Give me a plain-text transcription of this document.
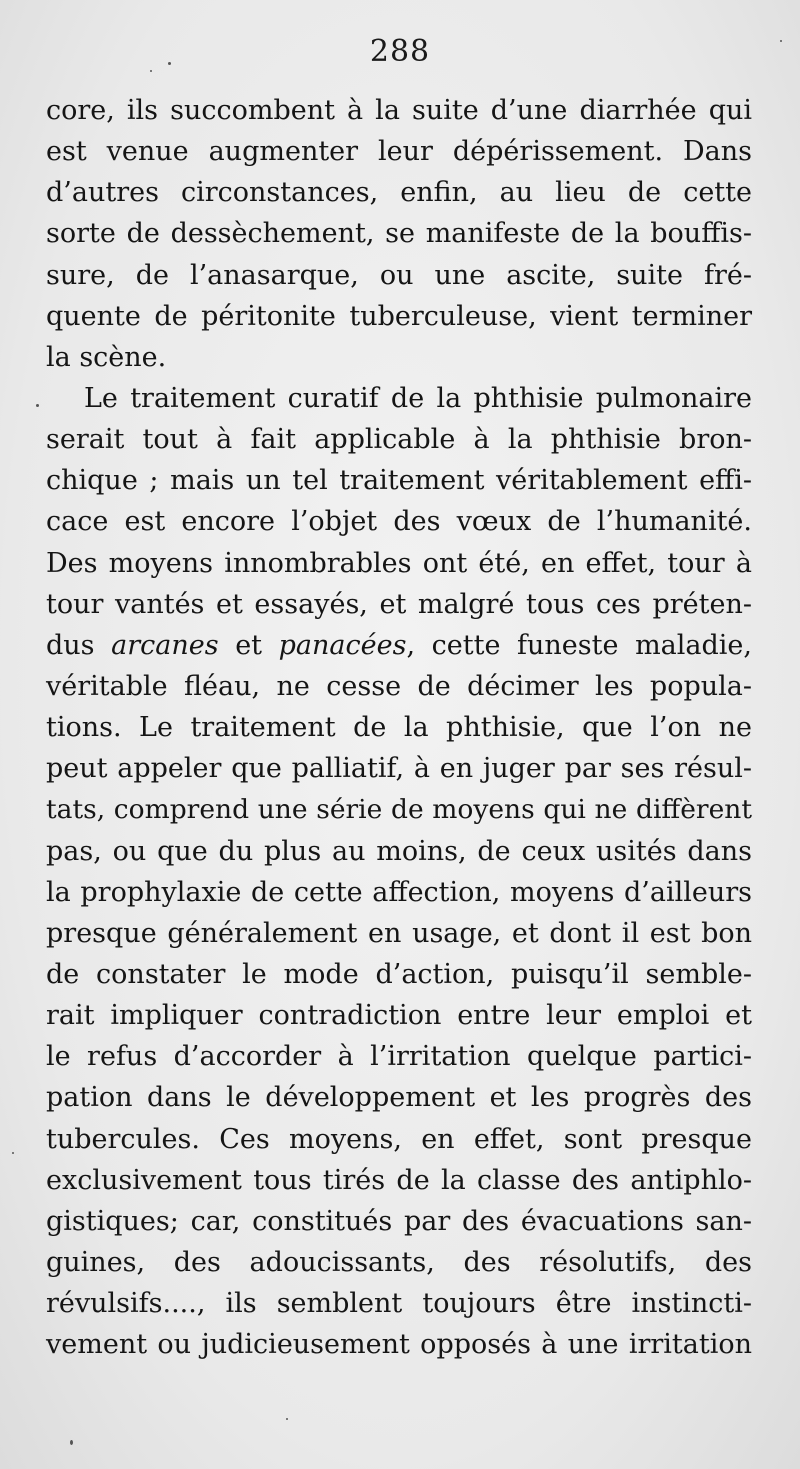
288
core, ils succombent à la suite d’une diarrhée qui
est venue augmenter leur dépérissement. Dans
d’autres circonstances, enfin, au lieu de cette
sorte de dessèchement, se manifeste de la bouffis-
sure, de l’anasarque, ou une ascite, suite fré-
quente de péritonite tuberculeuse, vient terminer
la scène.
Le traitement curatif de la phthisie pulmonaire
serait tout à fait applicable à la phthisie bron-
chique ; mais un tel traitement véritablement effi-
cace est encore l’objet des vœux de l’humanité.
Des moyens innombrables ont été, en effet, tour à
tour vantés et essayés, et malgré tous ces préten-
dus arcanes et panacées, cette funeste maladie,
véritable fléau, ne cesse de décimer les popula-
tions. Le traitement de la phthisie, que l’on ne
peut appeler que palliatif, à en juger par ses résul-
tats, comprend une série de moyens qui ne diffèrent
pas, ou que du plus au moins, de ceux usités dans
la prophylaxie de cette affection, moyens d’ailleurs
presque généralement en usage, et dont il est bon
de constater le mode d’action, puisqu’il semble-
rait impliquer contradiction entre leur emploi et
le refus d’accorder à l’irritation quelque partici-
pation dans le développement et les progrès des
tubercules. Ces moyens, en effet, sont presque
exclusivement tous tirés de la classe des antiphlo-
gistiques; car, constitués par des évacuations san-
guines, des adoucissants, des résolutifs, des
révulsifs...., ils semblent toujours être instincti-
vement ou judicieusement opposés à une irritation
